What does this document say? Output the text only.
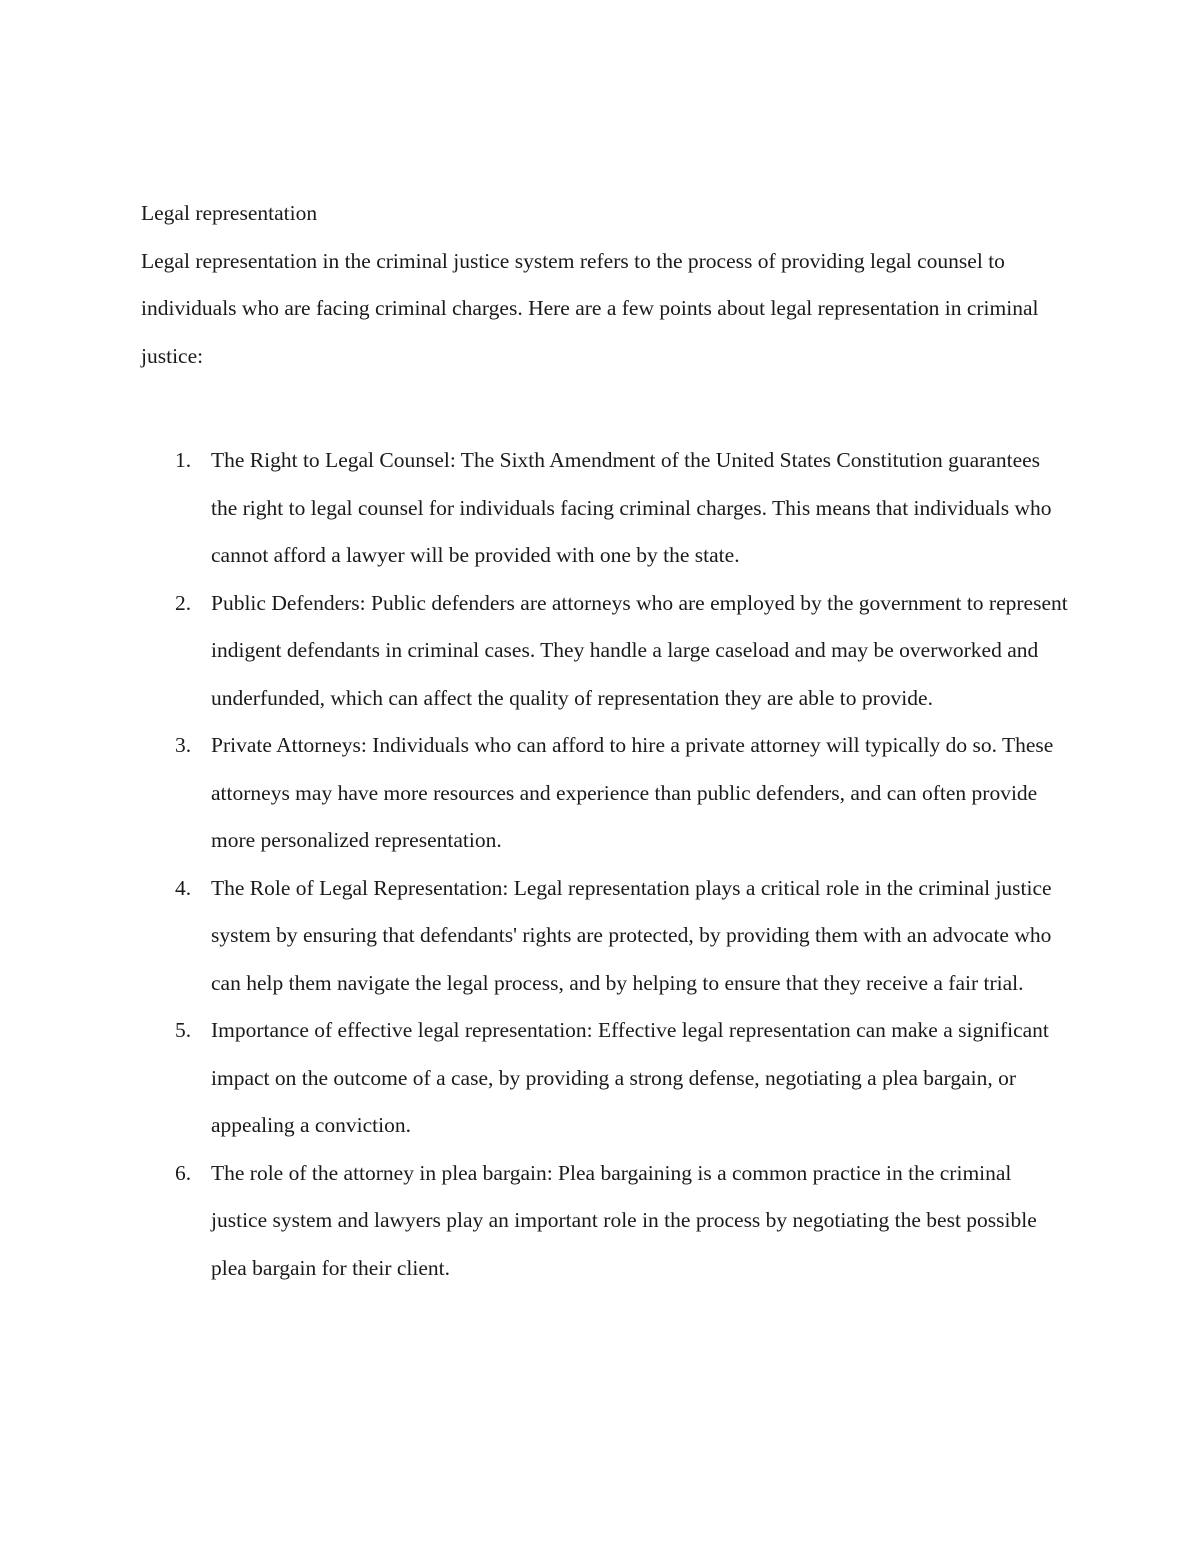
Legal representation

Legal representation in the criminal justice system refers to the process of providing legal counsel to individuals who are facing criminal charges. Here are a few points about legal representation in criminal justice:

1. The Right to Legal Counsel: The Sixth Amendment of the United States Constitution guarantees the right to legal counsel for individuals facing criminal charges. This means that individuals who cannot afford a lawyer will be provided with one by the state.
2. Public Defenders: Public defenders are attorneys who are employed by the government to represent indigent defendants in criminal cases. They handle a large caseload and may be overworked and underfunded, which can affect the quality of representation they are able to provide.
3. Private Attorneys: Individuals who can afford to hire a private attorney will typically do so. These attorneys may have more resources and experience than public defenders, and can often provide more personalized representation.
4. The Role of Legal Representation: Legal representation plays a critical role in the criminal justice system by ensuring that defendants' rights are protected, by providing them with an advocate who can help them navigate the legal process, and by helping to ensure that they receive a fair trial.
5. Importance of effective legal representation: Effective legal representation can make a significant impact on the outcome of a case, by providing a strong defense, negotiating a plea bargain, or appealing a conviction.
6. The role of the attorney in plea bargain: Plea bargaining is a common practice in the criminal justice system and lawyers play an important role in the process by negotiating the best possible plea bargain for their client.
